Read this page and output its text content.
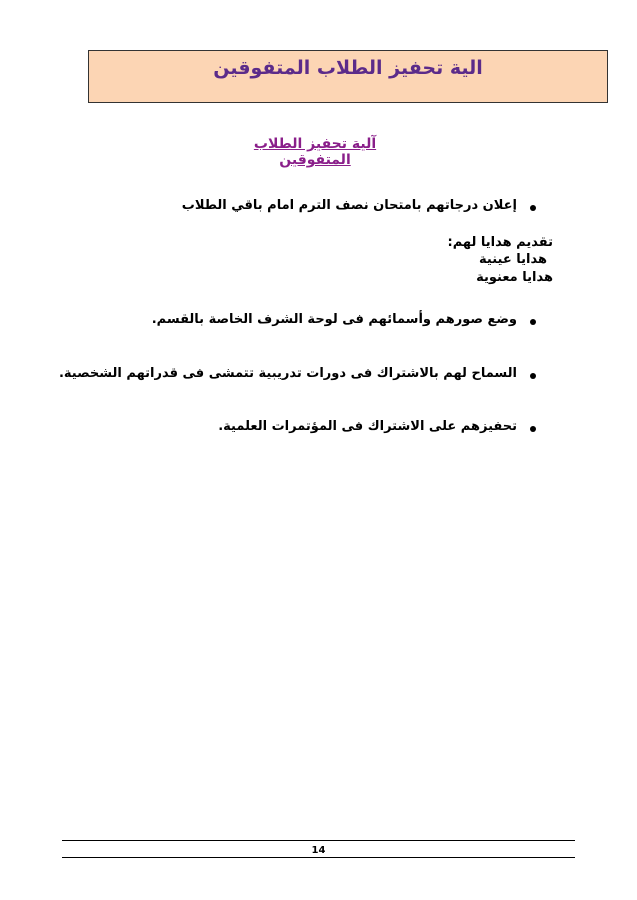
الية تحفيز الطلاب المتفوقين
آلية تحفيز الطلاب المتفوقين
إعلان درجاتهم بامتحان نصف الترم امام باقي الطلاب
تقديم هدايا لهم:
هدايا عينية
هدايا معنوية
وضع صورهم وأسمائهم فى لوحة الشرف الخاصة بالقسم.
السماح لهم بالاشتراك فى دورات تدريبية تتمشى فى قدراتهم الشخصية.
تحفيزهم على الاشتراك فى المؤتمرات العلمية.
14
